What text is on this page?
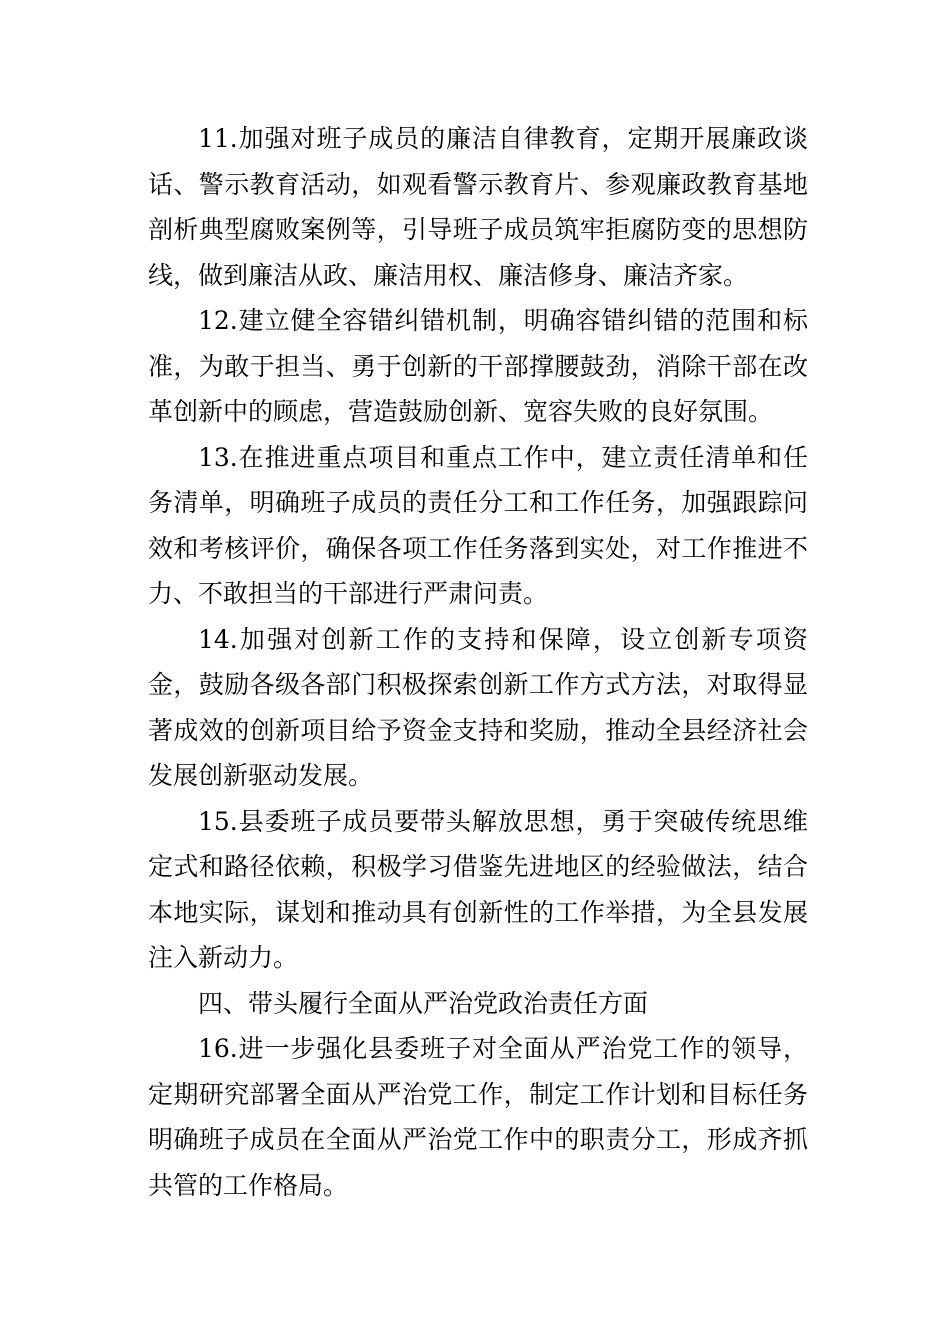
11.加强对班子成员的廉洁自律教育，定期开展廉政谈话、警示教育活动，如观看警示教育片、参观廉政教育基地剖析典型腐败案例等，引导班子成员筑牢拒腐防变的思想防线，做到廉洁从政、廉洁用权、廉洁修身、廉洁齐家。

12.建立健全容错纠错机制，明确容错纠错的范围和标准，为敢于担当、勇于创新的干部撑腰鼓劲，消除干部在改革创新中的顾虑，营造鼓励创新、宽容失败的良好氛围。

13.在推进重点项目和重点工作中，建立责任清单和任务清单，明确班子成员的责任分工和工作任务，加强跟踪问效和考核评价，确保各项工作任务落到实处，对工作推进不力、不敢担当的干部进行严肃问责。

14.加强对创新工作的支持和保障，设立创新专项资金，鼓励各级各部门积极探索创新工作方式方法，对取得显著成效的创新项目给予资金支持和奖励，推动全县经济社会发展创新驱动发展。

15.县委班子成员要带头解放思想，勇于突破传统思维定式和路径依赖，积极学习借鉴先进地区的经验做法，结合本地实际，谋划和推动具有创新性的工作举措，为全县发展注入新动力。

四、带头履行全面从严治党政治责任方面

16.进一步强化县委班子对全面从严治党工作的领导，定期研究部署全面从严治党工作，制定工作计划和目标任务明确班子成员在全面从严治党工作中的职责分工，形成齐抓共管的工作格局。
